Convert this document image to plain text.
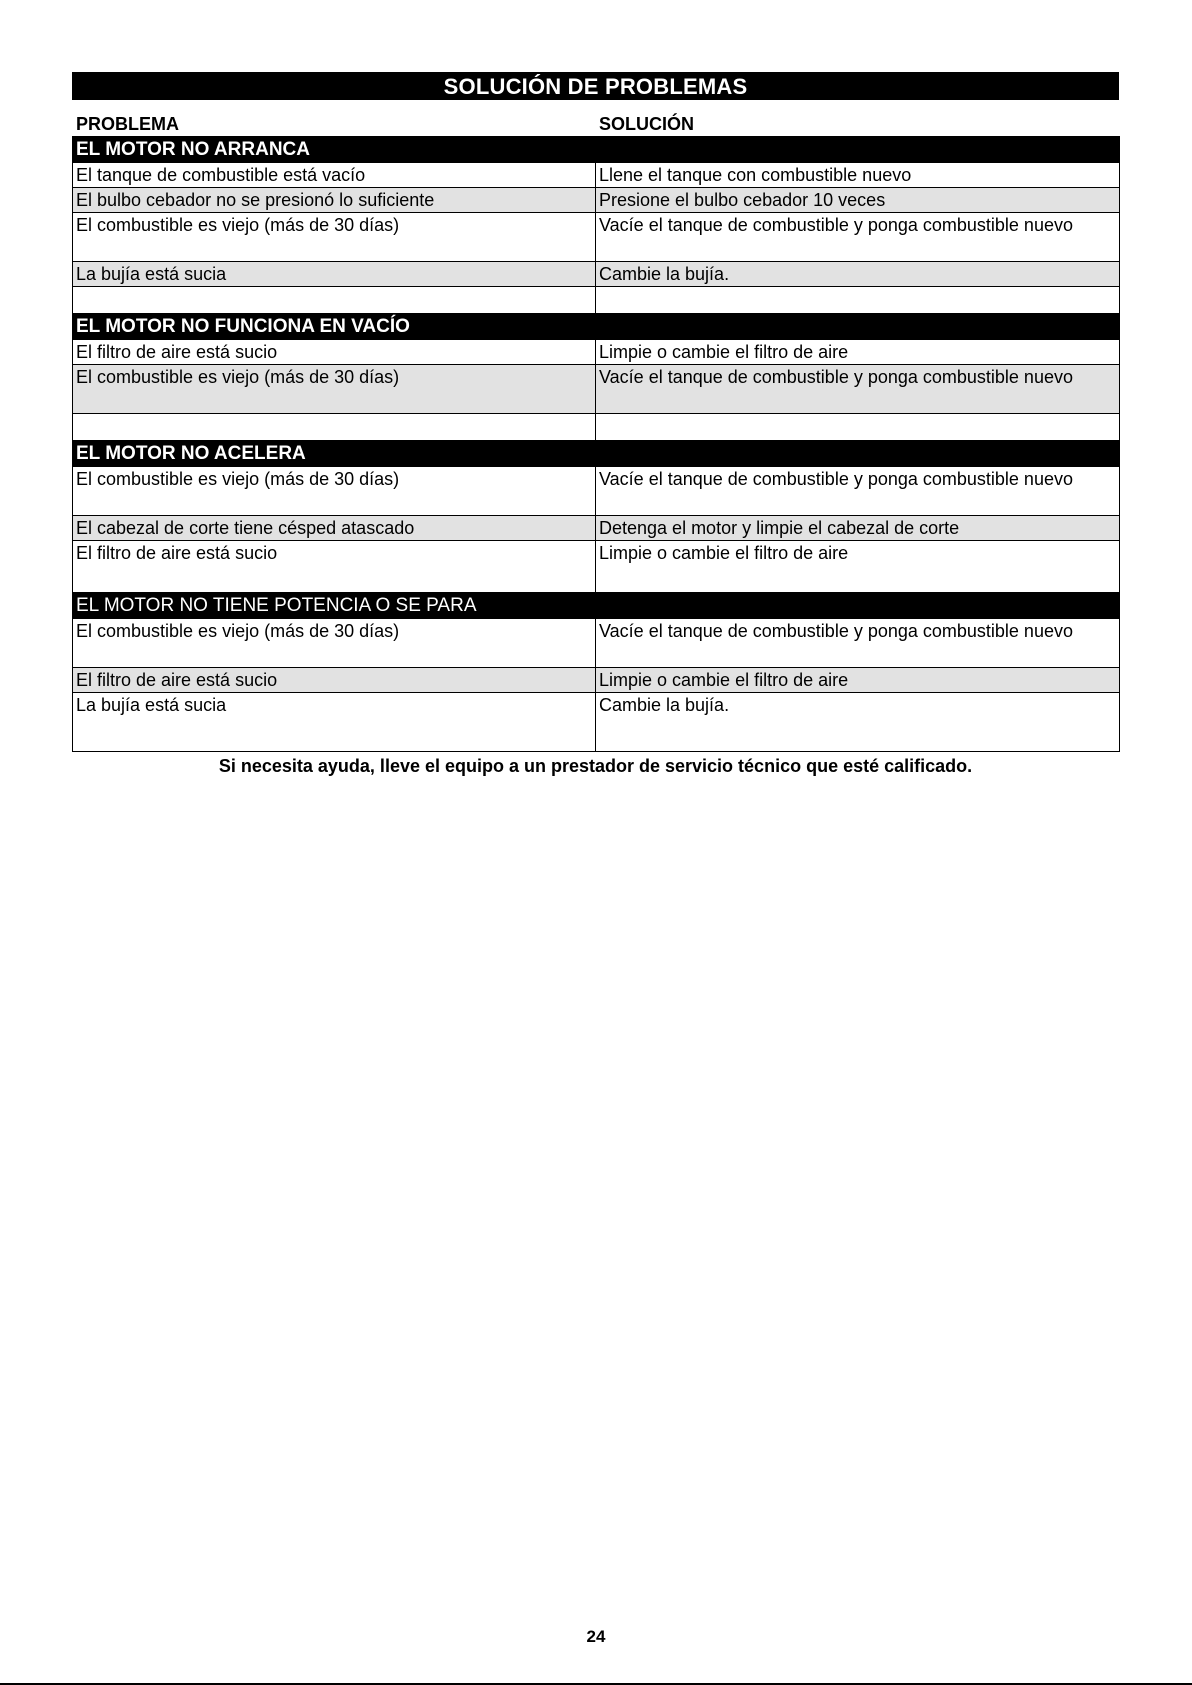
SOLUCIÓN DE PROBLEMAS
PROBLEMA	SOLUCIÓN
EL MOTOR NO ARRANCA	
El tanque de combustible está vacío	Llene el tanque con combustible nuevo
El bulbo cebador no se presionó lo suficiente	Presione el bulbo cebador 10 veces
El combustible es viejo (más de 30 días)	Vacíe el tanque de combustible y ponga combustible nuevo
La bujía está sucia	Cambie la bujía.

EL MOTOR NO FUNCIONA EN VACÍO	
El filtro de aire está sucio	Limpie o cambie el filtro de aire
El combustible es viejo (más de 30 días)	Vacíe el tanque de combustible y ponga combustible nuevo

EL MOTOR NO ACELERA	
El combustible es viejo (más de 30 días)	Vacíe el tanque de combustible y ponga combustible nuevo
El cabezal de corte tiene césped atascado	Detenga el motor y limpie el cabezal de corte
El filtro de aire está sucio	Limpie o cambie el filtro de aire
EL MOTOR NO TIENE POTENCIA O SE PARA	
El combustible es viejo (más de 30 días)	Vacíe el tanque de combustible y ponga combustible nuevo
El filtro de aire está sucio	Limpie o cambie el filtro de aire
La bujía está sucia	Cambie la bujía.
Si necesita ayuda, lleve el equipo a un prestador de servicio técnico que esté calificado.
24
